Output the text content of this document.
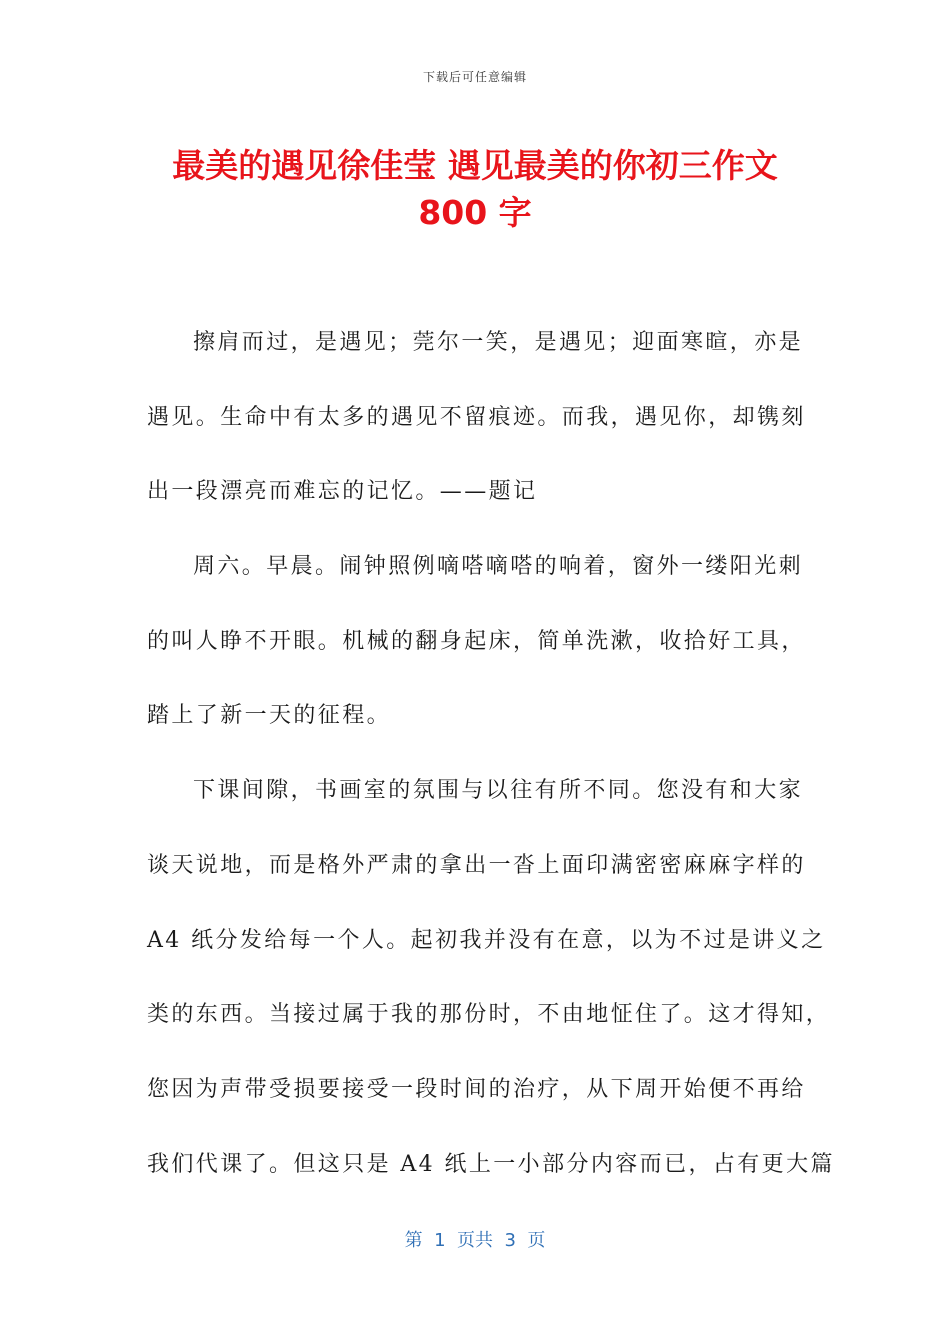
下载后可任意编辑
最美的遇见徐佳莹 遇见最美的你初三作文
800 字
擦肩而过，是遇见；莞尔一笑，是遇见；迎面寒暄，亦是
遇见。生命中有太多的遇见不留痕迹。而我，遇见你，却镌刻
出一段漂亮而难忘的记忆。——题记
周六。早晨。闹钟照例嘀嗒嘀嗒的响着，窗外一缕阳光刺
的叫人睁不开眼。机械的翻身起床，简单洗漱，收拾好工具，
踏上了新一天的征程。
下课间隙，书画室的氛围与以往有所不同。您没有和大家
谈天说地，而是格外严肃的拿出一沓上面印满密密麻麻字样的
A4 纸分发给每一个人。起初我并没有在意，以为不过是讲义之
类的东西。当接过属于我的那份时，不由地怔住了。这才得知，
您因为声带受损要接受一段时间的治疗，从下周开始便不再给
我们代课了。但这只是 A4 纸上一小部分内容而已，占有更大篇
第  1  页共  3  页
